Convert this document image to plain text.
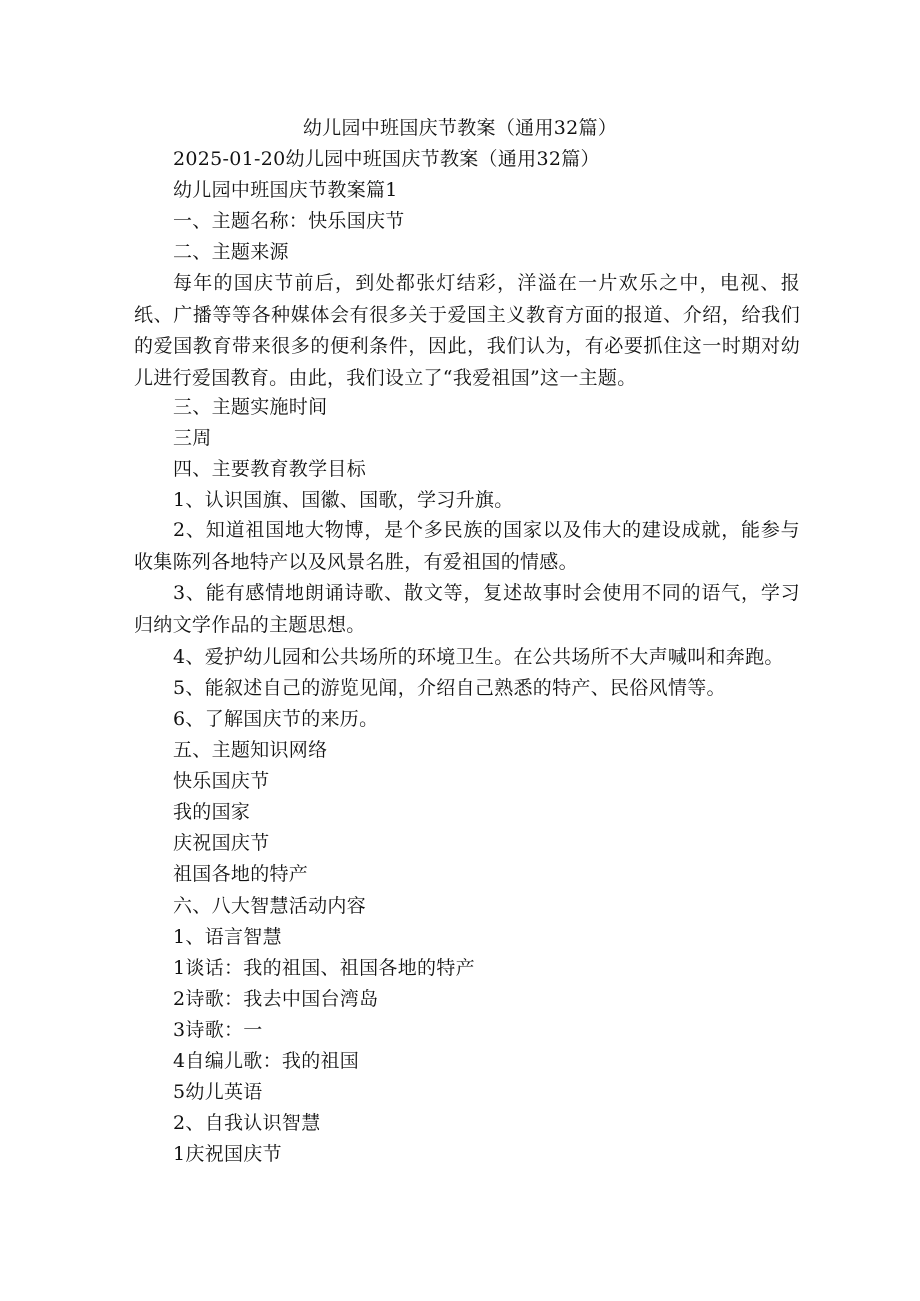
幼儿园中班国庆节教案（通用32篇）
2025-01-20幼儿园中班国庆节教案（通用32篇）
幼儿园中班国庆节教案篇1
一、主题名称：快乐国庆节
二、主题来源
每年的国庆节前后，到处都张灯结彩，洋溢在一片欢乐之中，电视、报纸、广播等等各种媒体会有很多关于爱国主义教育方面的报道、介绍，给我们的爱国教育带来很多的便利条件，因此，我们认为，有必要抓住这一时期对幼儿进行爱国教育。由此，我们设立了“我爱祖国”这一主题。
三、主题实施时间
三周
四、主要教育教学目标
1、认识国旗、国徽、国歌，学习升旗。
2、知道祖国地大物博，是个多民族的国家以及伟大的建设成就，能参与收集陈列各地特产以及风景名胜，有爱祖国的情感。
3、能有感情地朗诵诗歌、散文等，复述故事时会使用不同的语气，学习归纳文学作品的主题思想。
4、爱护幼儿园和公共场所的环境卫生。在公共场所不大声喊叫和奔跑。
5、能叙述自己的游览见闻，介绍自己熟悉的特产、民俗风情等。
6、了解国庆节的来历。
五、主题知识网络
快乐国庆节
我的国家
庆祝国庆节
祖国各地的特产
六、八大智慧活动内容
1、语言智慧
1谈话：我的祖国、祖国各地的特产
2诗歌：我去中国台湾岛
3诗歌：一
4自编儿歌：我的祖国
5幼儿英语
2、自我认识智慧
1庆祝国庆节
